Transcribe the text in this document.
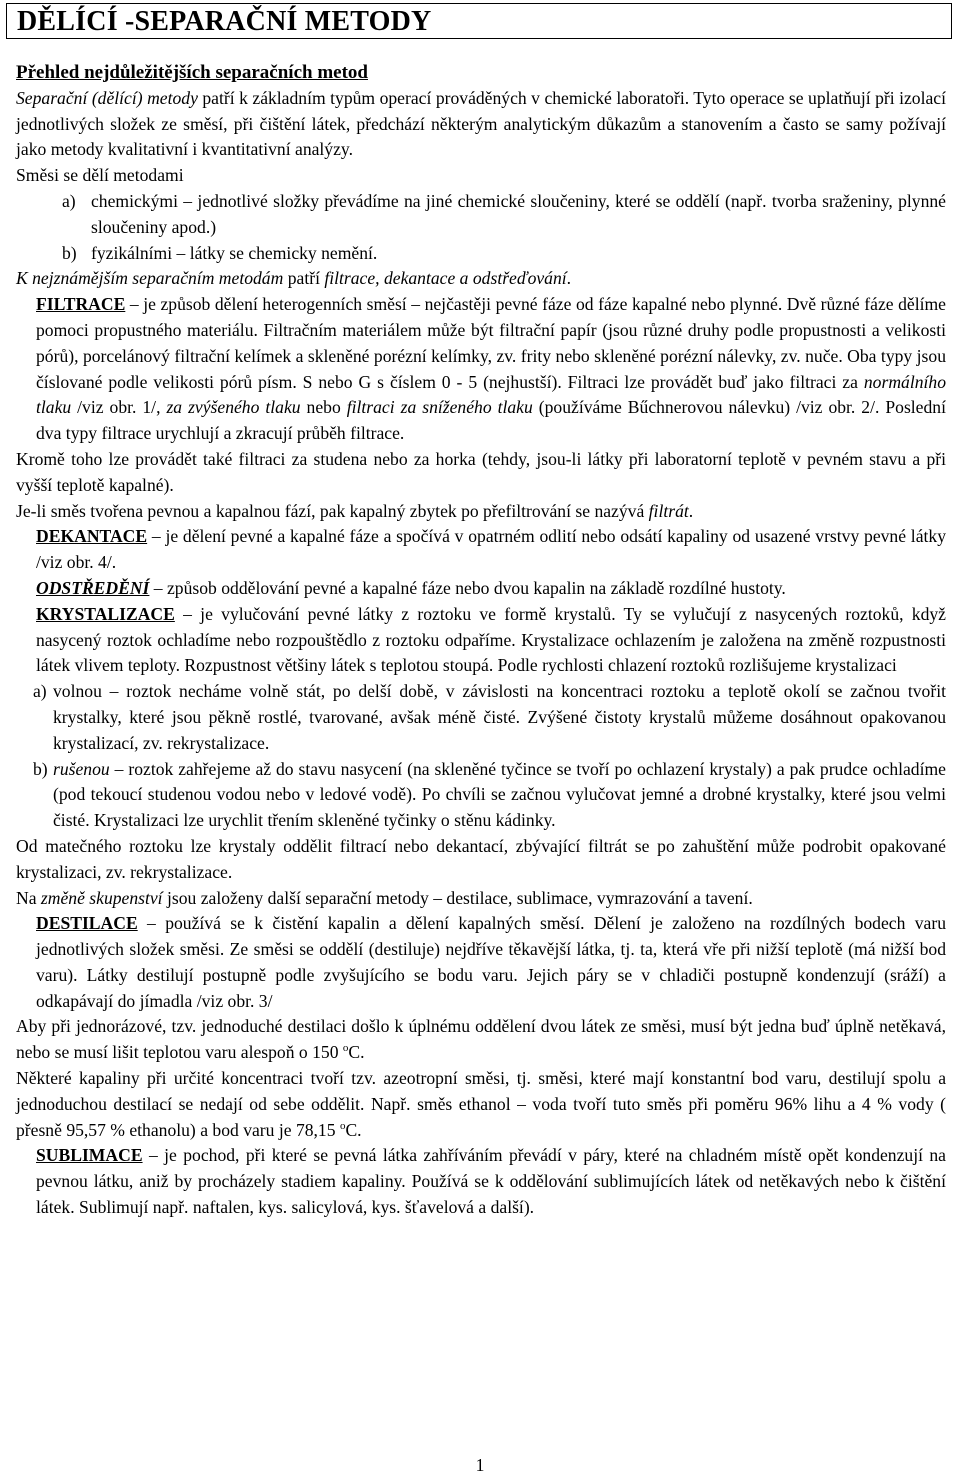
DĚLÍCÍ -SEPARAČNÍ METODY

Přehled nejdůležitějších separačních metod

Separační (dělící) metody patří k základním typům operací prováděných v chemické laboratoři. Tyto operace se uplatňují při izolací jednotlivých složek ze směsí, při čištění látek, předchází některým analytickým důkazům a stanovením a často se samy požívají jako metody kvalitativní i kvantitativní analýzy.

Směsi se dělí metodami

a) chemickými – jednotlivé složky převádíme na jiné chemické sloučeniny, které se oddělí (např. tvorba sraženiny, plynné sloučeniny apod.)
b) fyzikálními – látky se chemicky nemění.

K nejznámějším separačním metodám patří filtrace, dekantace a odstřeďování.

FILTRACE – je způsob dělení heterogenních směsí – nejčastěji pevné fáze od fáze kapalné nebo plynné. Dvě různé fáze dělíme pomoci propustného materiálu. Filtračním materiálem může být filtrační papír (jsou různé druhy podle propustnosti a velikosti pórů), porcelánový filtrační kelímek a skleněné porézní kelímky, zv. frity nebo skleněné porézní nálevky, zv. nuče. Oba typy jsou číslované podle velikosti pórů písm. S nebo G s číslem 0 - 5 (nejhustší). Filtraci lze provádět buď jako filtraci za normálního tlaku /viz obr. 1/, za zvýšeného tlaku nebo filtraci za sníženého tlaku (používáme Bűchnerovou nálevku) /viz obr. 2/. Poslední dva typy filtrace urychlují a zkracují průběh filtrace.

Kromě toho lze provádět také filtraci za studena nebo za horka (tehdy, jsou-li látky při laboratorní teplotě v pevném stavu a při vyšší teplotě kapalné).

Je-li směs tvořena pevnou a kapalnou fází, pak kapalný zbytek po přefiltrování se nazývá filtrát.

DEKANTACE – je dělení pevné a kapalné fáze a spočívá v opatrném odlití nebo odsátí kapaliny od usazené vrstvy pevné látky /viz obr. 4/.

ODSTŘEDĚNÍ – způsob oddělování pevné a kapalné fáze nebo dvou kapalin na základě rozdílné hustoty.

KRYSTALIZACE – je vylučování pevné látky z roztoku ve formě krystalů. Ty se vylučují z nasycených roztoků, když nasycený roztok ochladíme nebo rozpouštědlo z roztoku odpaříme. Krystalizace ochlazením je založena na změně rozpustnosti látek vlivem teploty. Rozpustnost většiny látek s teplotou stoupá. Podle rychlosti chlazení roztoků rozlišujeme krystalizaci

a) volnou – roztok necháme volně stát, po delší době, v závislosti na koncentraci roztoku a teplotě okolí se začnou tvořit krystalky, které jsou pěkně rostlé, tvarované, avšak méně čisté. Zvýšené čistoty krystalů můžeme dosáhnout opakovanou krystalizací, zv. rekrystalizace.
b) rušenou – roztok zahřejeme až do stavu nasycení (na skleněné tyčince se tvoří po ochlazení krystaly) a pak prudce ochladíme (pod tekoucí studenou vodou nebo v ledové vodě). Po chvíli se začnou vylučovat jemné a drobné krystalky, které jsou velmi čisté. Krystalizaci lze urychlit třením skleněné tyčinky o stěnu kádinky.

Od matečného roztoku lze krystaly oddělit filtrací nebo dekantací, zbývající filtrát se po zahuštění může podrobit opakované krystalizaci, zv. rekrystalizace.

Na změně skupenství jsou založeny další separační metody – destilace, sublimace, vymrazování a tavení.

DESTILACE – používá se k čistění kapalin a dělení kapalných směsí. Dělení je založeno na rozdílných bodech varu jednotlivých složek směsi. Ze směsi se oddělí (destiluje) nejdříve těkavější látka, tj. ta, která vře při nižší teplotě (má nižší bod varu). Látky destilují postupně podle zvyšujícího se bodu varu. Jejich páry se v chladiči postupně kondenzují (sráží) a odkapávají do jímadla /viz obr. 3/

Aby při jednorázové, tzv. jednoduché destilaci došlo k úplnému oddělení dvou látek ze směsi, musí být jedna buď úplně netěkavá, nebo se musí lišit teplotou varu alespoň o 150 $^o$C.

Některé kapaliny při určité koncentraci tvoří tzv. azeotropní směsi, tj. směsi, které mají konstantní bod varu, destilují spolu a jednoduchou destilací se nedají od sebe oddělit. Např. směs ethanol – voda tvoří tuto směs při poměru 96% lihu a 4 % vody ( přesně 95,57 % ethanolu) a bod varu je 78,15 $^o$C.

SUBLIMACE – je pochod, při které se pevná látka zahříváním převádí v páry, které na chladném místě opět kondenzují na pevnou látku, aniž by procházely stadiem kapaliny. Používá se k oddělování sublimujících látek od netěkavých nebo k čištění látek. Sublimují např. naftalen, kys. salicylová, kys. šťavelová a další).

1
